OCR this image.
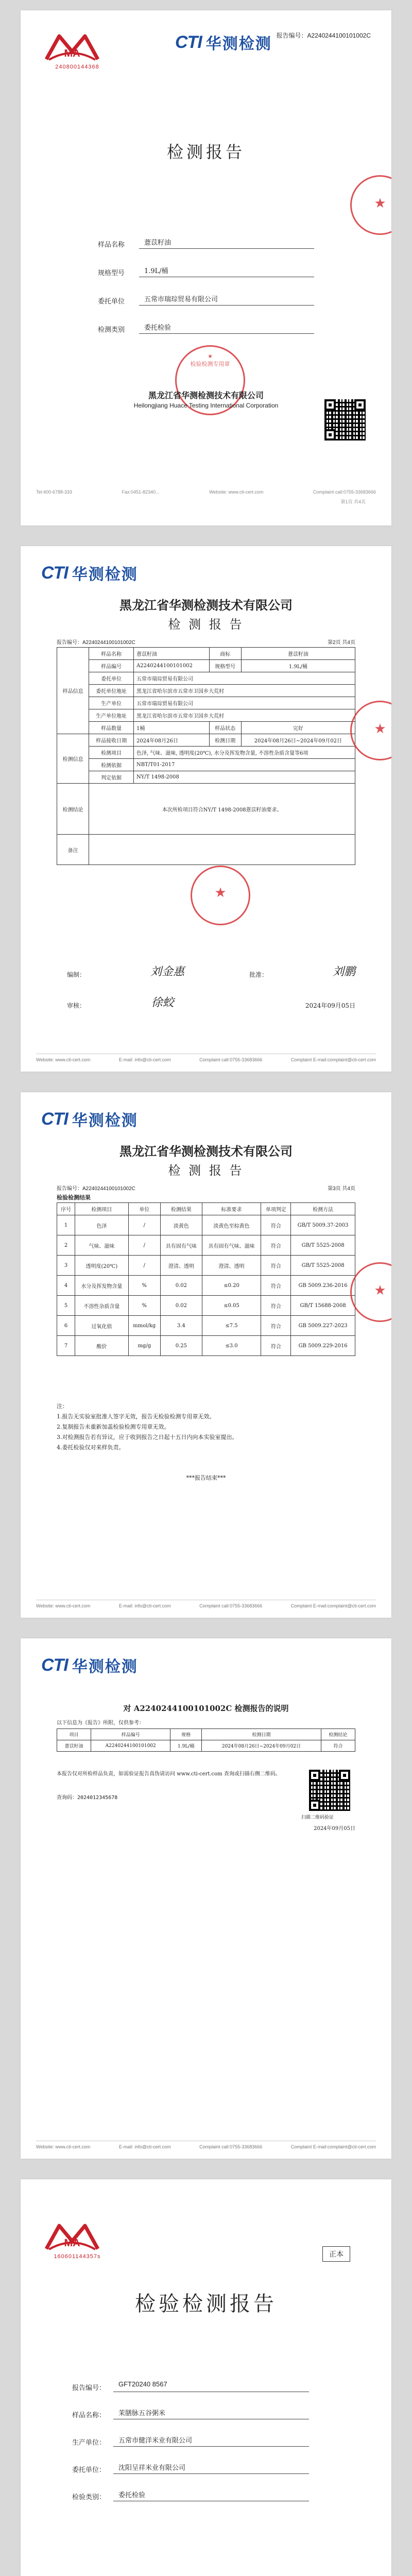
MA
240800144368
报告编号：A2240244100101002C
CTI 华测检测
检测报告
样品名称	薏苡籽油
规格型号	1.9L/桶
委托单位	五常市瑞琮贸易有限公司
检测类别	委托检验
★
检验检测专用章
黑龙江省华测检测技术有限公司
Heilongjiang Huace Testing International Corporation
★
Tel:400-6788-333	Fax:0451-82340...	Website: www.cti-cert.com	Complaint call:0755-33683666
第1页 共4页
CTI 华测检测
黑龙江省华测检测技术有限公司
检 测 报 告
报告编号：A2240244100101002C	第2页 共4页
样品信息	样品名称	薏苡籽油	商标	薏苡籽油
	样品编号	A2240244100101002	规格型号	1.9L/桶
	委托单位	五常市瑞琮贸易有限公司		
	委托单位地址	黑龙江省哈尔滨市五常市卫国乡大荒村		
	生产单位	五常市瑞琮贸易有限公司		
	生产单位地址	黑龙江省哈尔滨市五常市卫国乡大荒村		
	样品数量	1桶	样品状态	完好
检测信息	样品接收日期	2024年08月26日	检测日期	2024年08月26日~2024年09月02日
	检测项目	色泽, 气味、滋味, 透明度(20℃), 水分及挥发物含量, 不溶性杂质含量等6项		
	检测依据	NBT/T01-2017		
	判定依据	NY/T 1498-2008		
检测结论	本次所检项目符合NY/T 1498-2008薏苡籽油要求。			
备注				
★
★
编制：	刘金惠	批准：	刘鹏
审核：	徐蛟	2024年09月05日
Website: www.cti-cert.com	E-mail: info@cti-cert.com	Complaint call:0755-33683666	Complaint E-mail:complaint@cti-cert.com
CTI 华测检测
黑龙江省华测检测技术有限公司
检 测 报 告
报告编号：A2240244100101002C	第3页 共4页
检验检测结果
序号	检测项目	单位	检测结果	标准要求	单项判定	检测方法
1	色泽	/	淡黄色	淡黄色至棕黄色	符合	GB/T 5009.37-2003
2	气味、滋味	/	具有固有气味	具有固有气味、滋味	符合	GB/T 5525-2008
3	透明度(20℃)	/	澄清、透明	澄清、透明	符合	GB/T 5525-2008
4	水分及挥发物含量	%	0.02	≤0.20	符合	GB 5009.236-2016
5	不溶性杂质含量	%	0.02	≤0.05	符合	GB/T 15688-2008
6	过氧化值	mmol/kg	3.4	≤7.5	符合	GB 5009.227-2023
7	酸价	mg/g	0.25	≤3.0	符合	GB 5009.229-2016
注：
1.报告无实验室批准人签字无效，报告无检验检测专用章无效。
2.复制报告未重新加盖检验检测专用章无效。
3.对检测报告若有异议，应于收到报告之日起十五日内向本实验室提出。
4.委托检验仅对来样负责。
***报告结束***
★
Website: www.cti-cert.com	E-mail: info@cti-cert.com	Complaint call:0755-33683666	Complaint E-mail:complaint@cti-cert.com
CTI 华测检测
对 A2240244100101002C 检测报告的说明
以下信息为《报告》所附，仅供参考：
项目	样品编号	规格	检测日期	检测结论
薏苡籽油	A2240244100101002	1.9L/桶	2024年08月26日~2024年09月02日	符合
本报告仅对所检样品负责，如需验证报告真伪请访问 www.cti-cert.com 查询或扫描右侧二维码。
查询码：2024012345678
扫描二维码验证
2024年09月05日
Website: www.cti-cert.com	E-mail: info@cti-cert.com	Complaint call:0755-33683666	Complaint E-mail:complaint@cti-cert.com
MA
160601144357s	正本
检验检测报告
报告编号：
GFT20240 8567
样品名称：	茉膳脉五谷粥米
生产单位：	五常市健洋米业有限公司
委托单位：	沈阳呈祥米业有限公司
检验类别：	委托检验
